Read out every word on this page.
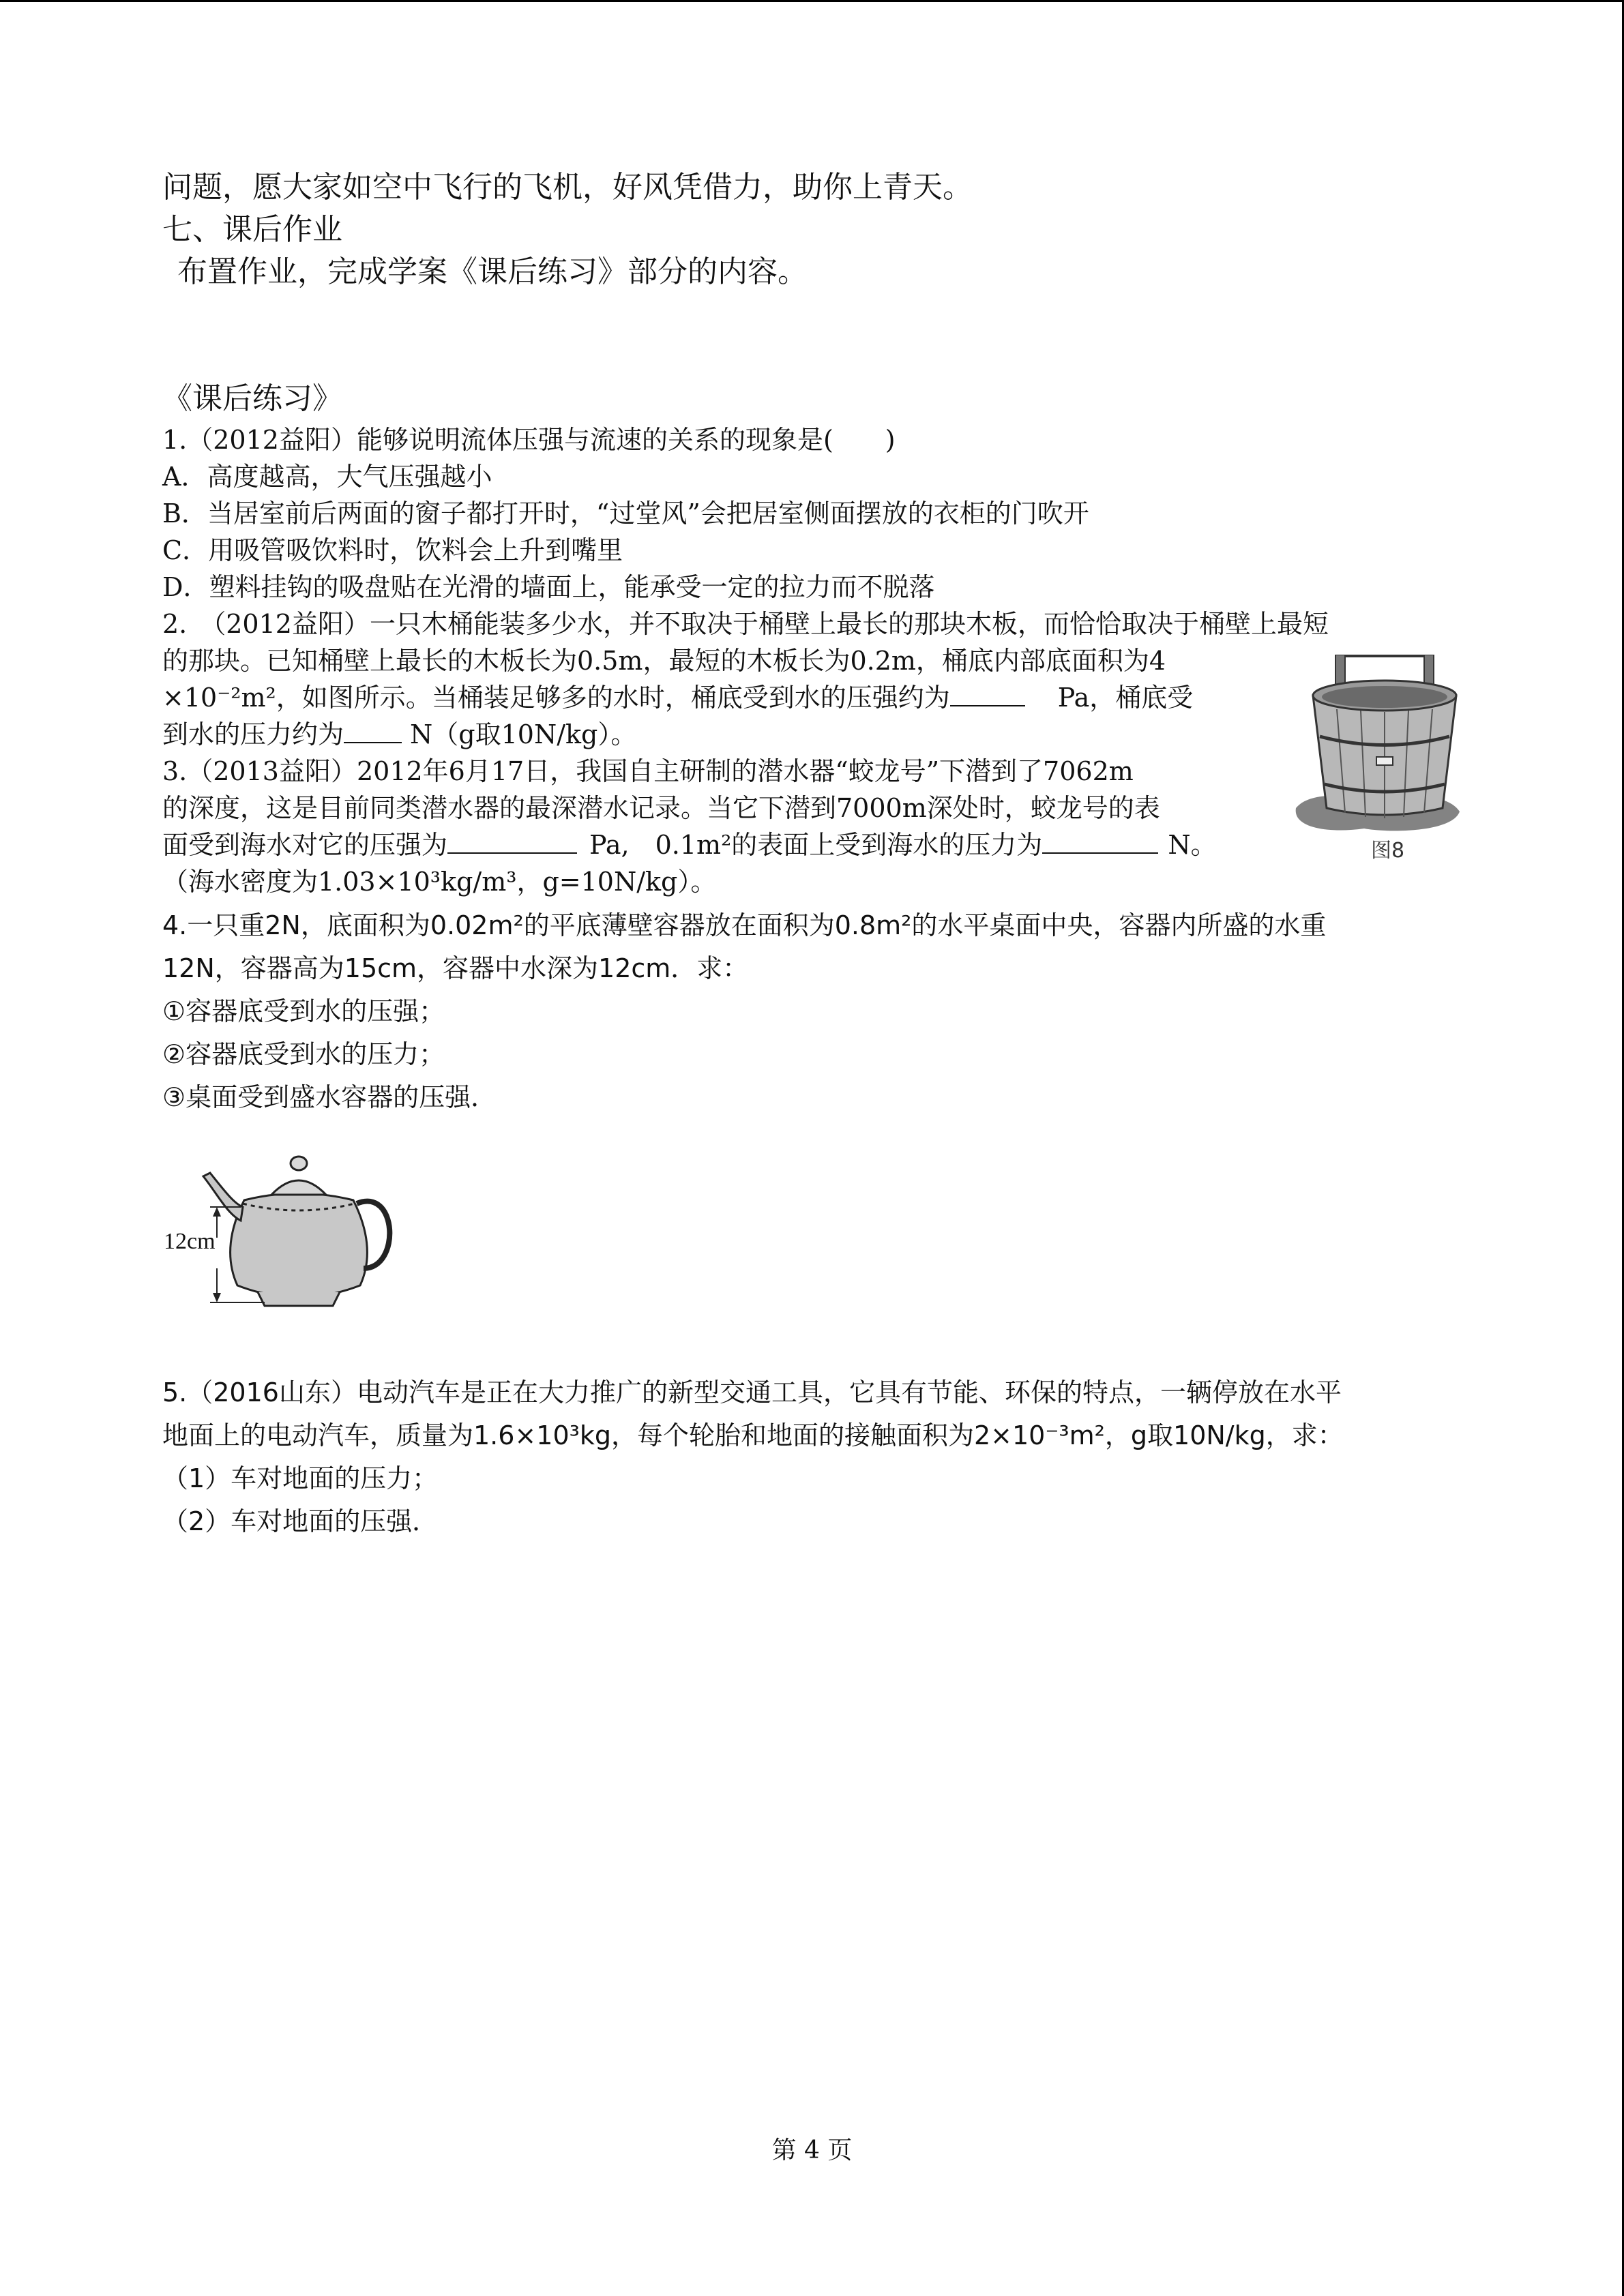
问题，愿大家如空中飞行的飞机，好风凭借力，助你上青天。
七、课后作业
布置作业，完成学案《课后练习》部分的内容。
《课后练习》
1.（2012益阳）能够说明流体压强与流速的关系的现象是(　　)
A．高度越高，大气压强越小
B．当居室前后两面的窗子都打开时，“过堂风”会把居室侧面摆放的衣柜的门吹开
C．用吸管吸饮料时，饮料会上升到嘴里
D．塑料挂钩的吸盘贴在光滑的墙面上，能承受一定的拉力而不脱落
2.　（2012益阳）一只木桶能装多少水，并不取决于桶壁上最长的那块木板，而恰恰取决于桶壁上最短
的那块。已知桶壁上最长的木板长为0.5m，最短的木板长为0.2m，桶底内部底面积为4
×10⁻²m²，如图所示。当桶装足够多的水时，桶底受到水的压强约为	Pa，桶底受
到水的压力约为	N（g取10N/kg）。
3.（2013益阳）2012年6月17日，我国自主研制的潜水器“蛟龙号”下潜到了7062m
的深度，这是目前同类潜水器的最深潜水记录。当它下潜到7000m深处时，蛟龙号的表
面受到海水对它的压强为	Pa,　0.1m²的表面上受到海水的压力为	N。
（海水密度为1.03×10³kg/m³，g=10N/kg）。
图8
4.一只重2N，底面积为0.02m²的平底薄壁容器放在面积为0.8m²的水平桌面中央，容器内所盛的水重
12N，容器高为15cm，容器中水深为12cm．求：
①容器底受到水的压强；
②容器底受到水的压力；
③桌面受到盛水容器的压强．
12cm
5.（2016山东）电动汽车是正在大力推广的新型交通工具，它具有节能、环保的特点，一辆停放在水平
地面上的电动汽车，质量为1.6×10³kg，每个轮胎和地面的接触面积为2×10⁻³m²，g取10N/kg，求：
（1）车对地面的压力；
（2）车对地面的压强．
第 4 页
